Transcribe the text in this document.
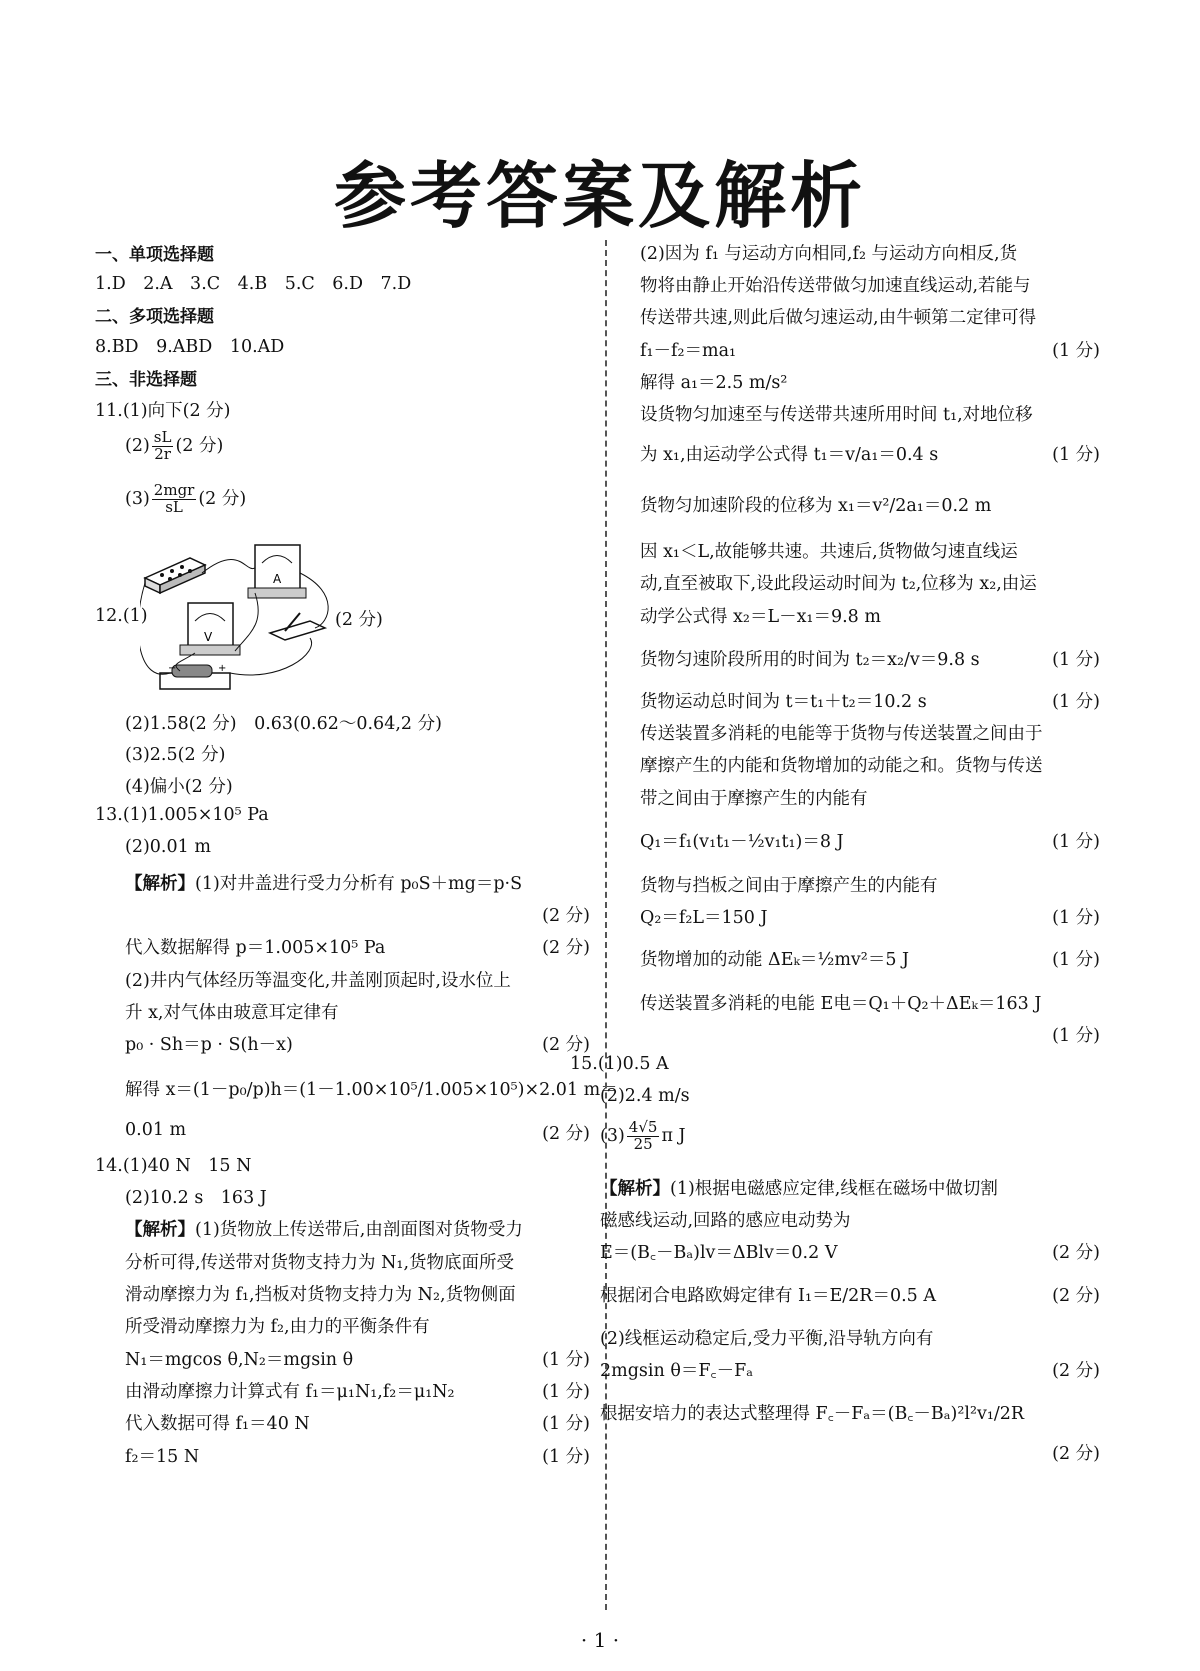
参考答案及解析
一、单项选择题
1.D　2.A　3.C　4.B　5.C　6.D　7.D
二、多项选择题
8.BD　9.ABD　10.AD
三、非选择题
11.(1)向下(2 分)
$(2) \frac{sL}{2r} (2$ 分)
$(3) \frac{\text{2mgr}}{sL} (2$ 分)
12.(1)	(2 分)
A
V
−	+
(2)1.58(2 分)　0.63(0.62～0.64,2 分)
(3)2.5(2 分)
(4)偏小(2 分)
13.(1)1.005×10⁵ Pa
(2)0.01 m
【解析】(1)对井盖进行受力分析有 p₀S＋mg＝p·S
(2 分)
代入数据解得 p＝1.005×10⁵ Pa	(2 分)
(2)井内气体经历等温变化,井盖刚顶起时,设水位上
升 x,对气体由玻意耳定律有
p₀ · Sh＝p · S(h－x)	(2 分)
解得 x＝(1－p₀/p)h＝(1－1.00×10⁵/1.005×10⁵)×2.01 m＝
0.01 m	(2 分)
14.(1)40 N　15 N
(2)10.2 s　163 J
【解析】(1)货物放上传送带后,由剖面图对货物受力
分析可得,传送带对货物支持力为 N₁,货物底面所受
滑动摩擦力为 f₁,挡板对货物支持力为 N₂,货物侧面
所受滑动摩擦力为 f₂,由力的平衡条件有
N₁＝mgcos θ,N₂＝mgsin θ	(1 分)
由滑动摩擦力计算式有 f₁＝μ₁N₁,f₂＝μ₁N₂	(1 分)
代入数据可得 f₁＝40 N	(1 分)
f₂＝15 N	(1 分)
(2)因为 f₁ 与运动方向相同,f₂ 与运动方向相反,货
物将由静止开始沿传送带做匀加速直线运动,若能与
传送带共速,则此后做匀速运动,由牛顿第二定律可得
f₁－f₂＝ma₁	(1 分)
解得 a₁＝2.5 m/s²
设货物匀加速至与传送带共速所用时间 t₁,对地位移
为 x₁,由运动学公式得 t₁＝v/a₁＝0.4 s	(1 分)
货物匀加速阶段的位移为 x₁＝v²/2a₁＝0.2 m
因 x₁＜L,故能够共速。共速后,货物做匀速直线运
动,直至被取下,设此段运动时间为 t₂,位移为 x₂,由运
动学公式得 x₂＝L－x₁＝9.8 m
货物匀速阶段所用的时间为 t₂＝x₂/v＝9.8 s	(1 分)
货物运动总时间为 t＝t₁＋t₂＝10.2 s	(1 分)
传送装置多消耗的电能等于货物与传送装置之间由于
摩擦产生的内能和货物增加的动能之和。货物与传送
带之间由于摩擦产生的内能有
Q₁＝f₁(v₁t₁－½v₁t₁)＝8 J	(1 分)
货物与挡板之间由于摩擦产生的内能有
Q₂＝f₂L＝150 J	(1 分)
货物增加的动能 ΔEₖ＝½mv²＝5 J	(1 分)
传送装置多消耗的电能 E电＝Q₁＋Q₂＋ΔEₖ＝163 J
(1 分)
15.(1)0.5 A
(2)2.4 m/s
$(3) \frac{4√5}{25}$ π J
【解析】(1)根据电磁感应定律,线框在磁场中做切割
磁感线运动,回路的感应电动势为
E＝(B꜀－Bₐ)lv＝ΔBlv＝0.2 V	(2 分)
根据闭合电路欧姆定律有 I₁＝E/2R＝0.5 A	(2 分)
(2)线框运动稳定后,受力平衡,沿导轨方向有
2mgsin θ＝F꜀－Fₐ	(2 分)
根据安培力的表达式整理得 F꜀－Fₐ＝(B꜀－Bₐ)²l²v₁/2R
(2 分)
· 1 ·
